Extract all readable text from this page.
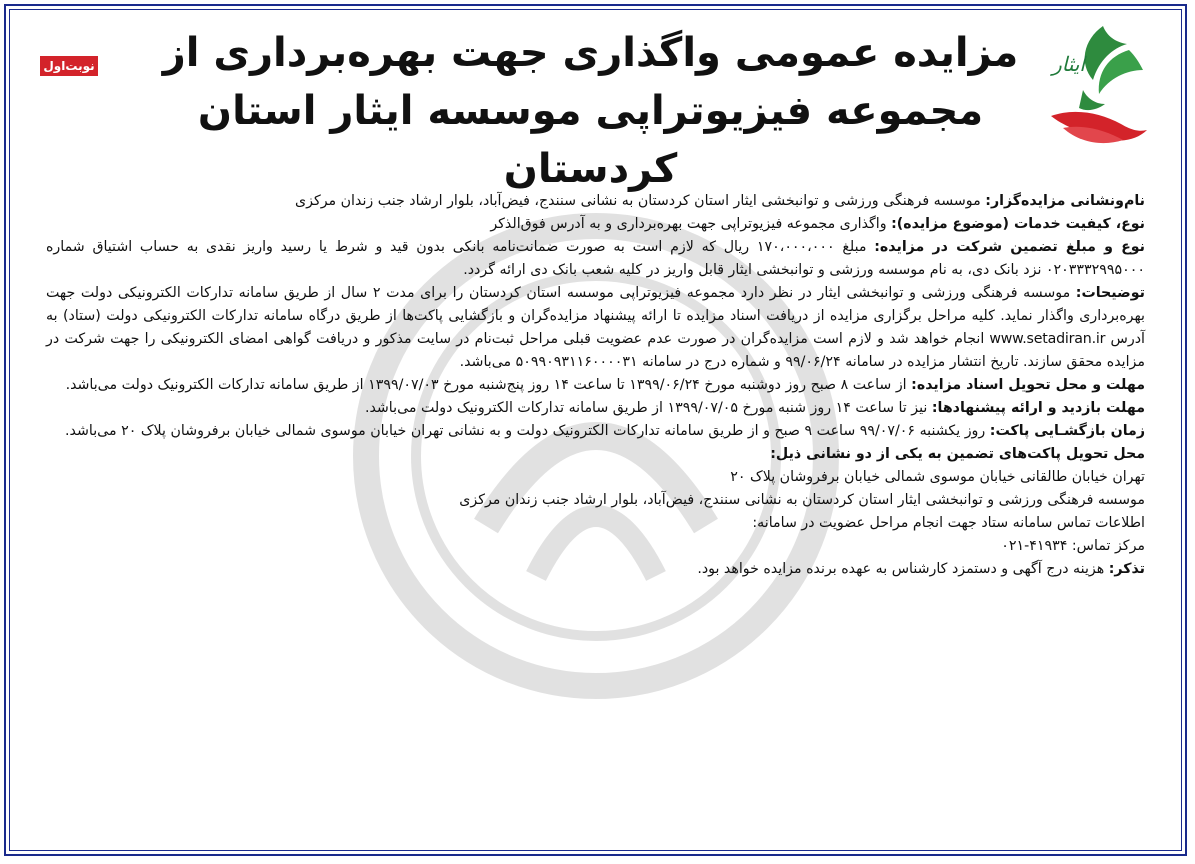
نوبت‌اول مزایده عمومی واگذاری جهت بهره‌برداری از
مجموعه فیزیوتراپی موسسه ایثار استان کردستان
ایثار

نام‌ونشانی مزایده‌گزار: موسسه فرهنگی ورزشی و توانبخشی ایثار استان کردستان به نشانی سنندج، فیض‌آباد، بلوار ارشاد جنب زندان مرکزی

نوع، کیفیت خدمات (موضوع مزایده): واگذاری مجموعه فیزیوتراپی جهت بهره‌برداری و به آدرس فوق‌الذکر

نوع و مبلغ تضمین شرکت در مزایده: مبلغ ۱۷۰،۰۰۰،۰۰۰ ریال که لازم است به صورت ضمانت‌نامه بانکی بدون قید و شرط یا رسید واریز نقدی به حساب اشتیاق شماره ۰۲۰۳۳۳۲۹۹۵۰۰۰ نزد بانک دی، به نام موسسه ورزشی و توانبخشی ایثار قابل واریز در کلیه شعب بانک دی ارائه گردد.

توضیحات: موسسه فرهنگی ورزشی و توانبخشی ایثار در نظر دارد مجموعه فیزیوتراپی موسسه استان کردستان را برای مدت ۲ سال از طریق سامانه تدارکات الکترونیکی دولت جهت بهره‌برداری واگذار نماید. کلیه مراحل برگزاری مزایده از دریافت اسناد مزایده تا ارائه پیشنهاد مزایده‌گران و بازگشایی پاکت‌ها از طریق درگاه سامانه تدارکات الکترونیکی دولت (ستاد) به آدرس www.setadiran.ir انجام خواهد شد و لازم است مزایده‌گران در صورت عدم عضویت قبلی مراحل ثبت‌نام در سایت مذکور و دریافت گواهی امضای الکترونیکی را جهت شرکت در مزایده محقق سازند. تاریخ انتشار مزایده در سامانه ۹۹/۰۶/۲۴ و شماره درج در سامانه ۵۰۹۹۰۹۳۱۱۶۰۰۰۰۳۱ می‌باشد.

مهلت و محل تحویل اسناد مزایده: از ساعت ۸ صبح روز دوشنبه مورخ ۱۳۹۹/۰۶/۲۴ تا ساعت ۱۴ روز پنج‌شنبه مورخ ۱۳۹۹/۰۷/۰۳ از طریق سامانه تدارکات الکترونیک دولت می‌باشد.

مهلت بازدید و ارائه پیشنهادها: نیز تا ساعت ۱۴ روز شنبه مورخ ۱۳۹۹/۰۷/۰۵ از طریق سامانه تدارکات الکترونیک دولت می‌باشد.

زمان بازگشـایی پاکت: روز یکشنبه ۹۹/۰۷/۰۶ ساعت ۹ صبح و از طریق سامانه تدارکات الکترونیک دولت و به نشانی تهران خیابان موسوی شمالی خیابان برفروشان پلاک ۲۰ می‌باشد.

محل تحویل پاکت‌های تضمین به یکی از دو نشانی ذیل:

تهران خیابان طالقانی خیابان موسوی شمالی خیابان برفروشان پلاک ۲۰

موسسه فرهنگی ورزشی و توانبخشی ایثار استان کردستان به نشانی سنندج، فیض‌آباد، بلوار ارشاد جنب زندان مرکزی

اطلاعات تماس سامانه ستاد جهت انجام مراحل عضویت در سامانه:

مرکز تماس: ۴۱۹۳۴-۰۲۱

تذکر: هزینه درج آگهی و دستمزد کارشناس به عهده برنده مزایده خواهد بود.
